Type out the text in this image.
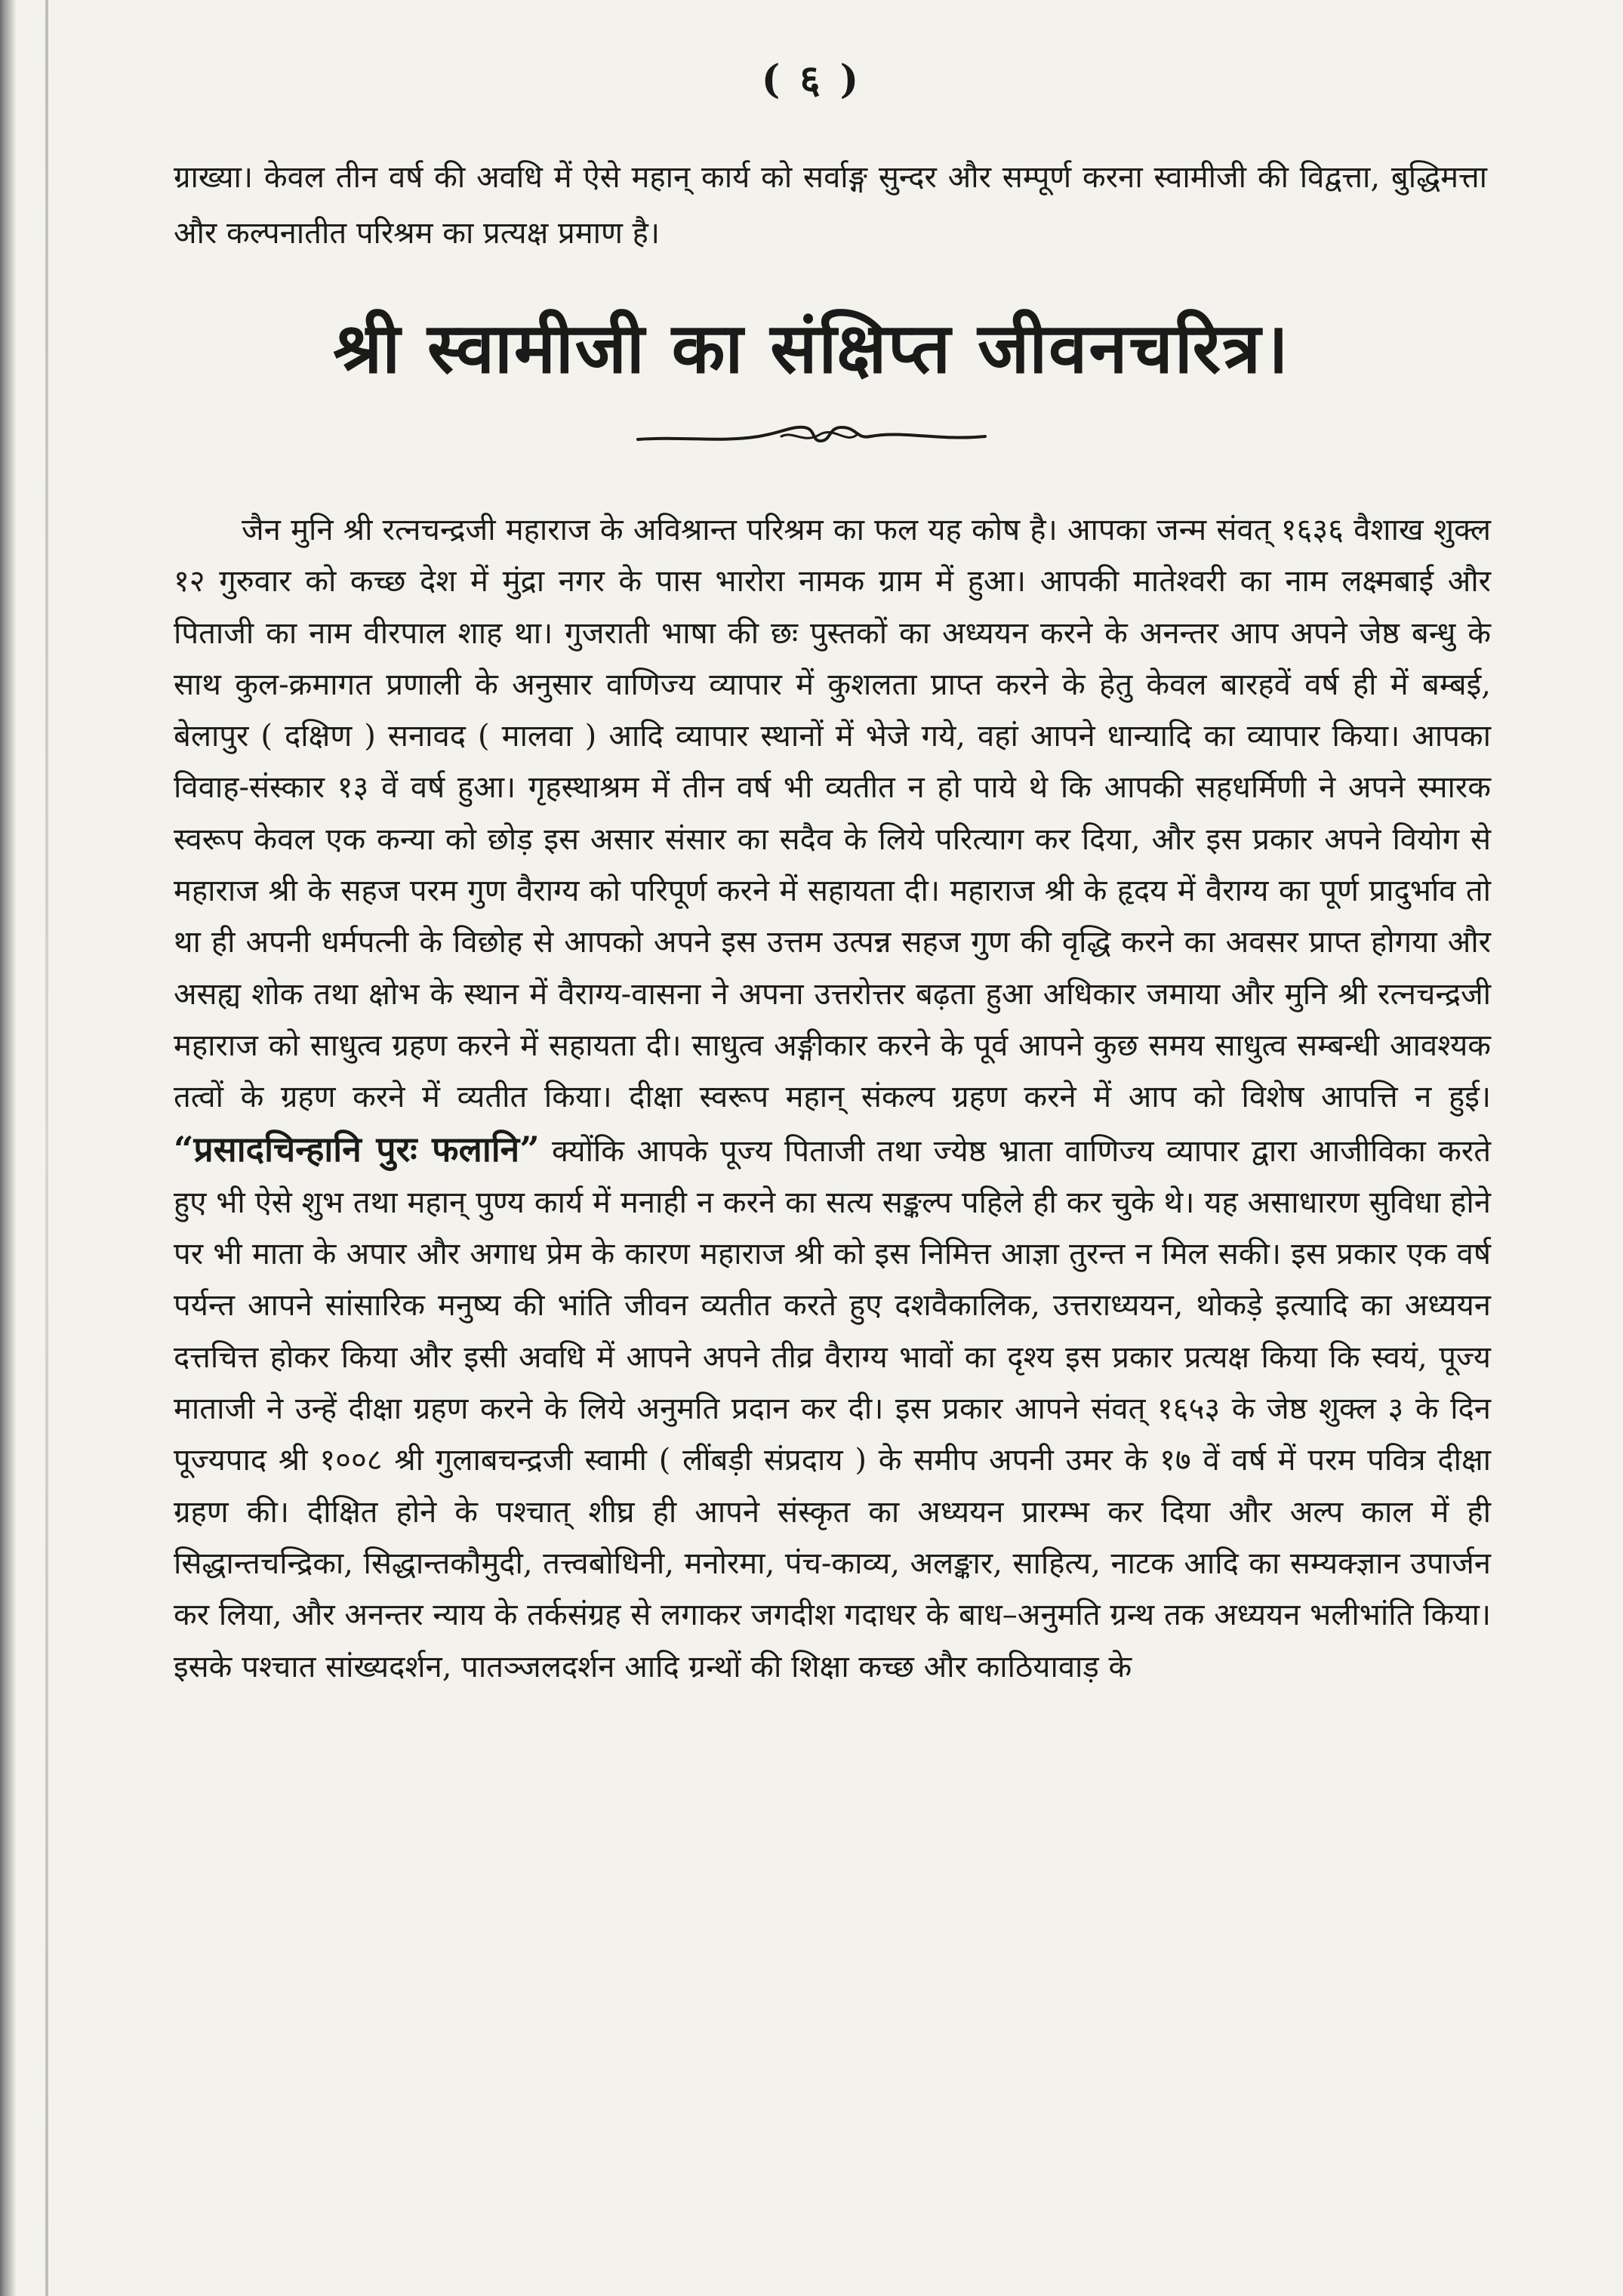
( ६ )
ग्राख्या। केवल तीन वर्ष की अवधि में ऐसे महान् कार्य को सर्वाङ्ग सुन्दर और सम्पूर्ण करना स्वामीजी की विद्वत्ता, बुद्धिमत्ता और कल्पनातीत परिश्रम का प्रत्यक्ष प्रमाण है।
श्री स्वामीजी का संक्षिप्त जीवनचरित्र।

जैन मुनि श्री रत्नचन्द्रजी महाराज के अविश्रान्त परिश्रम का फल यह कोष है। आपका जन्म संवत् १६३६ वैशाख शुक्ल १२ गुरुवार को कच्छ देश में मुंद्रा नगर के पास भारोरा नामक ग्राम में हुआ। आपकी मातेश्वरी का नाम लक्ष्मबाई और पिताजी का नाम वीरपाल शाह था। गुजराती भाषा की छः पुस्तकों का अध्ययन करने के अनन्तर आप अपने जेष्ठ बन्धु के साथ कुल-क्रमागत प्रणाली के अनुसार वाणिज्य व्यापार में कुशलता प्राप्त करने के हेतु केवल बारहवें वर्ष ही में बम्बई, बेलापुर ( दक्षिण ) सनावद ( मालवा ) आदि व्यापार स्थानों में भेजे गये, वहां आपने धान्यादि का व्यापार किया। आपका विवाह-संस्कार १३ वें वर्ष हुआ। गृहस्थाश्रम में तीन वर्ष भी व्यतीत न हो पाये थे कि आपकी सहधर्मिणी ने अपने स्मारक स्वरूप केवल एक कन्या को छोड़ इस असार संसार का सदैव के लिये परित्याग कर दिया, और इस प्रकार अपने वियोग से महाराज श्री के सहज परम गुण वैराग्य को परिपूर्ण करने में सहायता दी। महाराज श्री के हृदय में वैराग्य का पूर्ण प्रादुर्भाव तो था ही अपनी धर्मपत्नी के विछोह से आपको अपने इस उत्तम उत्पन्न सहज गुण की वृद्धि करने का अवसर प्राप्त होगया और असह्य शोक तथा क्षोभ के स्थान में वैराग्य-वासना ने अपना उत्तरोत्तर बढ़ता हुआ अधिकार जमाया और मुनि श्री रत्नचन्द्रजी महाराज को साधुत्व ग्रहण करने में सहायता दी। साधुत्व अङ्गीकार करने के पूर्व आपने कुछ समय साधुत्व सम्बन्धी आवश्यक तत्वों के ग्रहण करने में व्यतीत किया। दीक्षा स्वरूप महान् संकल्प ग्रहण करने में आप को विशेष आपत्ति न हुई। “प्रसादचिन्हानि पुरः फलानि” क्योंकि आपके पूज्य पिताजी तथा ज्येष्ठ भ्राता वाणिज्य व्यापार द्वारा आजीविका करते हुए भी ऐसे शुभ तथा महान् पुण्य कार्य में मनाही न करने का सत्य सङ्कल्प पहिले ही कर चुके थे। यह असाधारण सुविधा होने पर भी माता के अपार और अगाध प्रेम के कारण महाराज श्री को इस निमित्त आज्ञा तुरन्त न मिल सकी। इस प्रकार एक वर्ष पर्यन्त आपने सांसारिक मनुष्य की भांति जीवन व्यतीत करते हुए दशवैकालिक, उत्तराध्ययन, थोकड़े इत्यादि का अध्ययन दत्तचित्त होकर किया और इसी अवधि में आपने अपने तीव्र वैराग्य भावों का दृश्य इस प्रकार प्रत्यक्ष किया कि स्वयं, पूज्य माताजी ने उन्हें दीक्षा ग्रहण करने के लिये अनुमति प्रदान कर दी। इस प्रकार आपने संवत् १६५३ के जेष्ठ शुक्ल ३ के दिन पूज्यपाद श्री १००८ श्री गुलाबचन्द्रजी स्वामी ( लींबड़ी संप्रदाय ) के समीप अपनी उमर के १७ वें वर्ष में परम पवित्र दीक्षा ग्रहण की। दीक्षित होने के पश्चात् शीघ्र ही आपने संस्कृत का अध्ययन प्रारम्भ कर दिया और अल्प काल में ही सिद्धान्तचन्द्रिका, सिद्धान्तकौमुदी, तत्त्वबोधिनी, मनोरमा, पंच-काव्य, अलङ्कार, साहित्य, नाटक आदि का सम्यक्ज्ञान उपार्जन कर लिया, और अनन्तर न्याय के तर्कसंग्रह से लगाकर जगदीश गदाधर के बाध–अनुमति ग्रन्थ तक अध्ययन भलीभांति किया। इसके पश्चात सांख्यदर्शन, पातञ्जलदर्शन आदि ग्रन्थों की शिक्षा कच्छ और काठियावाड़ के
